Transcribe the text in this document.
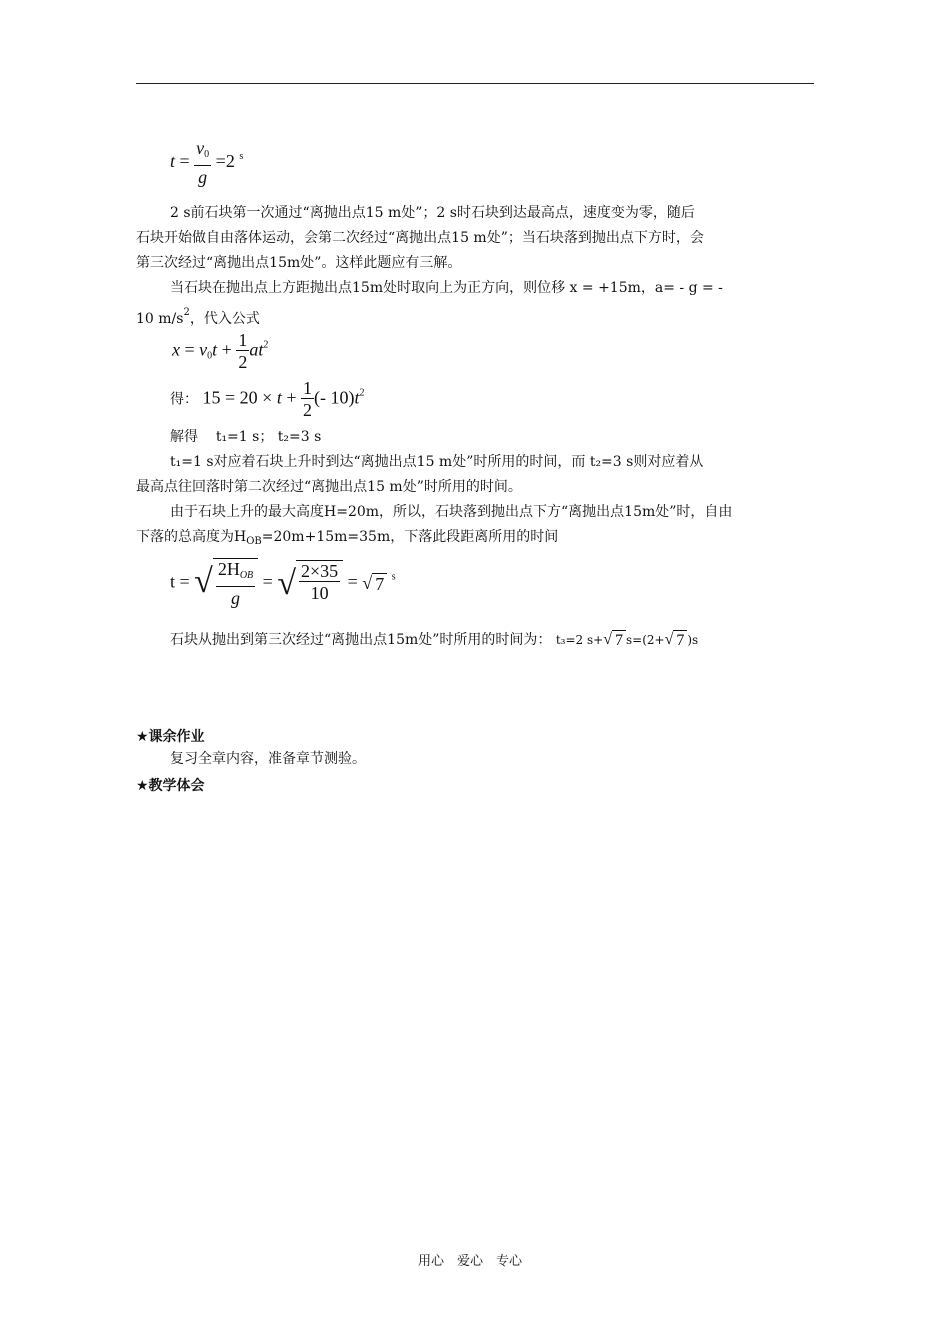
$t = \frac{v_0}{g} =2$ $^s$
2 s前石块第一次通过“离抛出点15 m处”；2 s时石块到达最高点，速度变为零，随后
石块开始做自由落体运动，会第二次经过“离抛出点15 m处”；当石块落到抛出点下方时，会
第三次经过“离抛出点15m处”。这样此题应有三解。
当石块在抛出点上方距抛出点15m处时取向上为正方向，则位移 x = +15m，a= - g = -
10 $m/s^2$，代入公式
$x = v_0t + \frac{1}{2} at^2$
得： $15 = 20 \times t + \frac{1}{2}$ (- $10)t^2$
解得 t₁=1 s； t₂=3 s
t₁=1 s对应着石块上升时到达“离抛出点15 m处”时所用的时间，而 t₂=3 s则对应着从
最高点往回落时第二次经过“离抛出点15 m处”时所用的时间。
由于石块上升的最大高度H=20m，所以，石块落到抛出点下方“离抛出点15m处”时，自由
下落的总高度为$H_{OB}=20m+15m=35m$，下落此段距离所用的时间
t = √ $\frac{2H_{OB}}{g}$ = √ $\frac{2\times 35}{10}$ = √ 7 $^s$
石块从抛出到第三次经过“离抛出点15m处”时所用的时间为： t₃=2 s+ √ 7 s=(2+ √ 7 )s
★课余作业
复习全章内容，准备章节测验。
★教学体会
用心　爱心　专心
